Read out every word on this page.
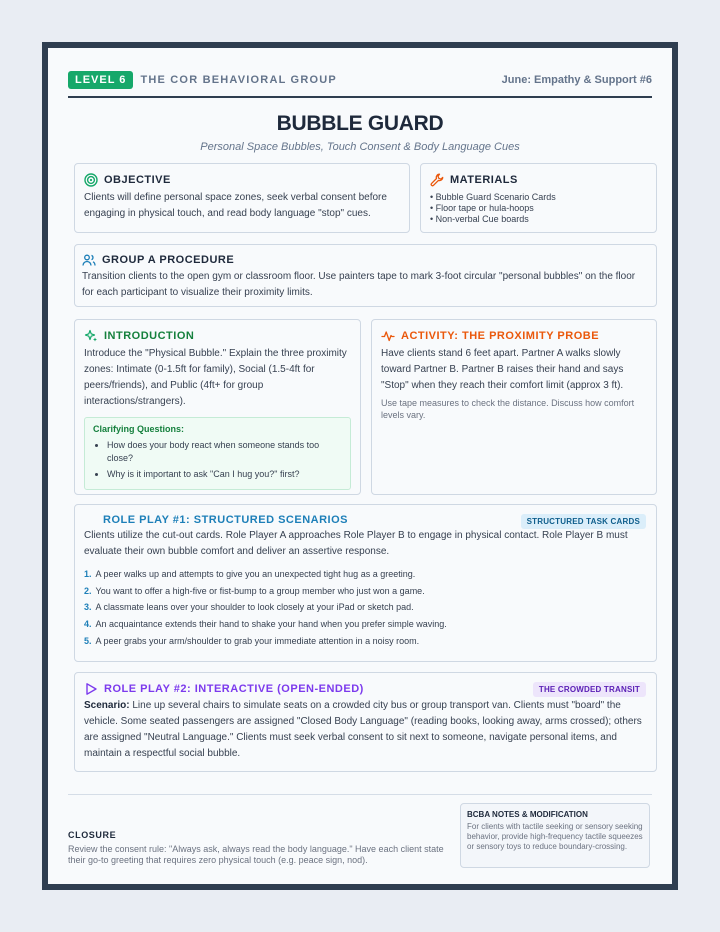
LEVEL 6	THE COR BEHAVIORAL GROUP	June: Empathy & Support #6
BUBBLE GUARD
Personal Space Bubbles, Touch Consent & Body Language Cues
OBJECTIVE
Clients will define personal space zones, seek verbal consent before engaging in physical touch, and read body language "stop" cues.
MATERIALS
• Bubble Guard Scenario Cards
• Floor tape or hula-hoops
• Non-verbal Cue boards
GROUP A PROCEDURE
Transition clients to the open gym or classroom floor. Use painters tape to mark 3-foot circular "personal bubbles" on the floor for each participant to visualize their proximity limits.
INTRODUCTION
Introduce the "Physical Bubble." Explain the three proximity zones: Intimate (0-1.5ft for family), Social (1.5-4ft for peers/friends), and Public (4ft+ for group interactions/strangers).
Clarifying Questions:
• How does your body react when someone stands too close?
• Why is it important to ask "Can I hug you?" first?
ACTIVITY: THE PROXIMITY PROBE
Have clients stand 6 feet apart. Partner A walks slowly toward Partner B. Partner B raises their hand and says "Stop" when they reach their comfort limit (approx 3 ft).
Use tape measures to check the distance. Discuss how comfort levels vary.
ROLE PLAY #1: STRUCTURED SCENARIOS	STRUCTURED TASK CARDS
Clients utilize the cut-out cards. Role Player A approaches Role Player B to engage in physical contact. Role Player B must evaluate their own bubble comfort and deliver an assertive response.
1. A peer walks up and attempts to give you an unexpected tight hug as a greeting.
2. You want to offer a high-five or fist-bump to a group member who just won a game.
3. A classmate leans over your shoulder to look closely at your iPad or sketch pad.
4. An acquaintance extends their hand to shake your hand when you prefer simple waving.
5. A peer grabs your arm/shoulder to grab your immediate attention in a noisy room.
ROLE PLAY #2: INTERACTIVE (OPEN-ENDED)	THE CROWDED TRANSIT
Scenario: Line up several chairs to simulate seats on a crowded city bus or group transport van. Clients must "board" the vehicle. Some seated passengers are assigned "Closed Body Language" (reading books, looking away, arms crossed); others are assigned "Neutral Language." Clients must seek verbal consent to sit next to someone, navigate personal items, and maintain a respectful social bubble.
CLOSURE
Review the consent rule: "Always ask, always read the body language." Have each client state their go-to greeting that requires zero physical touch (e.g. peace sign, nod).
BCBA NOTES & MODIFICATION
For clients with tactile seeking or sensory seeking behavior, provide high-frequency tactile squeezes or sensory toys to reduce boundary-crossing.
